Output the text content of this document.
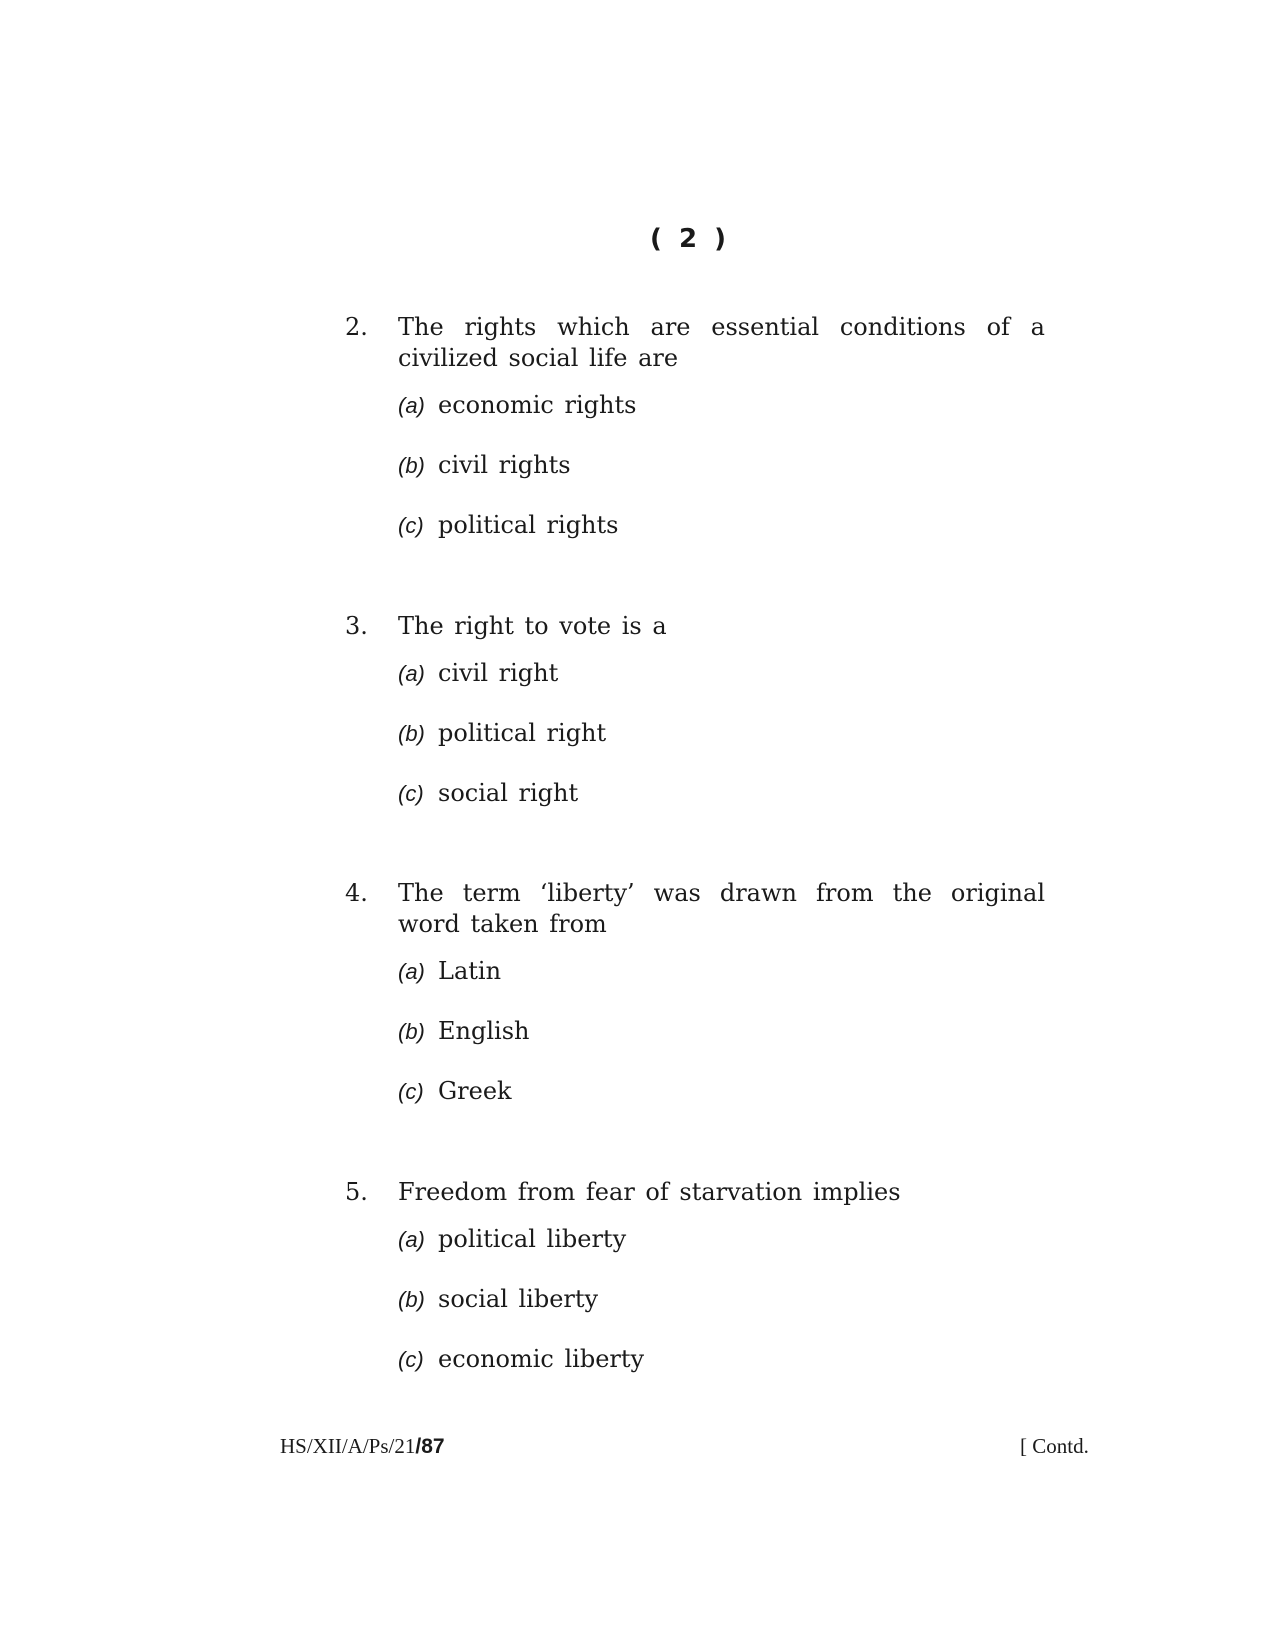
( 2 )
2. The rights which are essential conditions of a civilized social life are
(a) economic rights
(b) civil rights
(c) political rights
3. The right to vote is a
(a) civil right
(b) political right
(c) social right
4. The term ‘liberty’ was drawn from the original word taken from
(a) Latin
(b) English
(c) Greek
5. Freedom from fear of starvation implies
(a) political liberty
(b) social liberty
(c) economic liberty
HS/XII/A/Ps/21/87	[ Contd.
